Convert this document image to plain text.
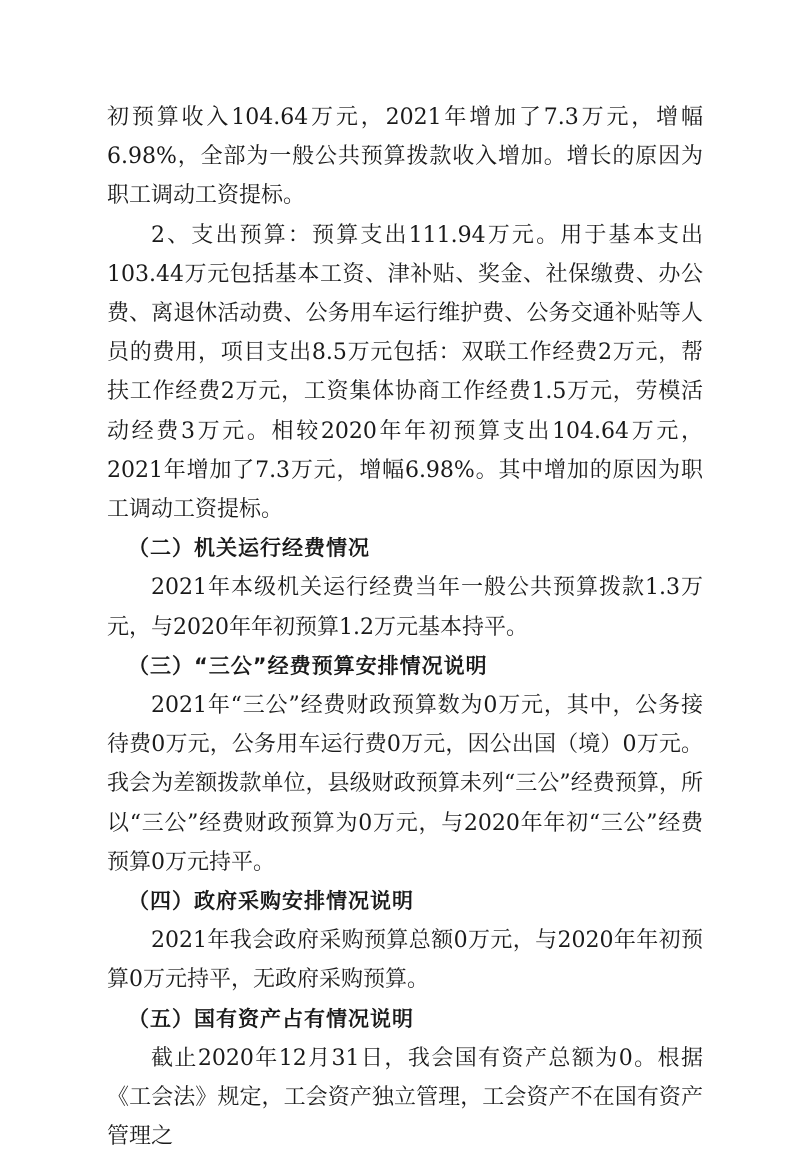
初预算收入104.64万元，2021年增加了7.3万元，增幅6.98%，全部为一般公共预算拨款收入增加。增长的原因为职工调动工资提标。

2、支出预算：预算支出111.94万元。用于基本支出103.44万元包括基本工资、津补贴、奖金、社保缴费、办公费、离退休活动费、公务用车运行维护费、公务交通补贴等人员的费用，项目支出8.5万元包括：双联工作经费2万元，帮扶工作经费2万元，工资集体协商工作经费1.5万元，劳模活动经费3万元。相较2020年年初预算支出104.64万元，2021年增加了7.3万元，增幅6.98%。其中增加的原因为职工调动工资提标。

（二）机关运行经费情况

2021年本级机关运行经费当年一般公共预算拨款1.3万元，与2020年年初预算1.2万元基本持平。

（三）“三公”经费预算安排情况说明

2021年“三公”经费财政预算数为0万元，其中，公务接待费0万元，公务用车运行费0万元，因公出国（境）0万元。我会为差额拨款单位，县级财政预算未列“三公”经费预算，所以“三公”经费财政预算为0万元，与2020年年初“三公”经费预算0万元持平。

（四）政府采购安排情况说明

2021年我会政府采购预算总额0万元，与2020年年初预算0万元持平，无政府采购预算。

（五）国有资产占有情况说明

截止2020年12月31日，我会国有资产总额为0。根据《工会法》规定，工会资产独立管理，工会资产不在国有资产管理之
